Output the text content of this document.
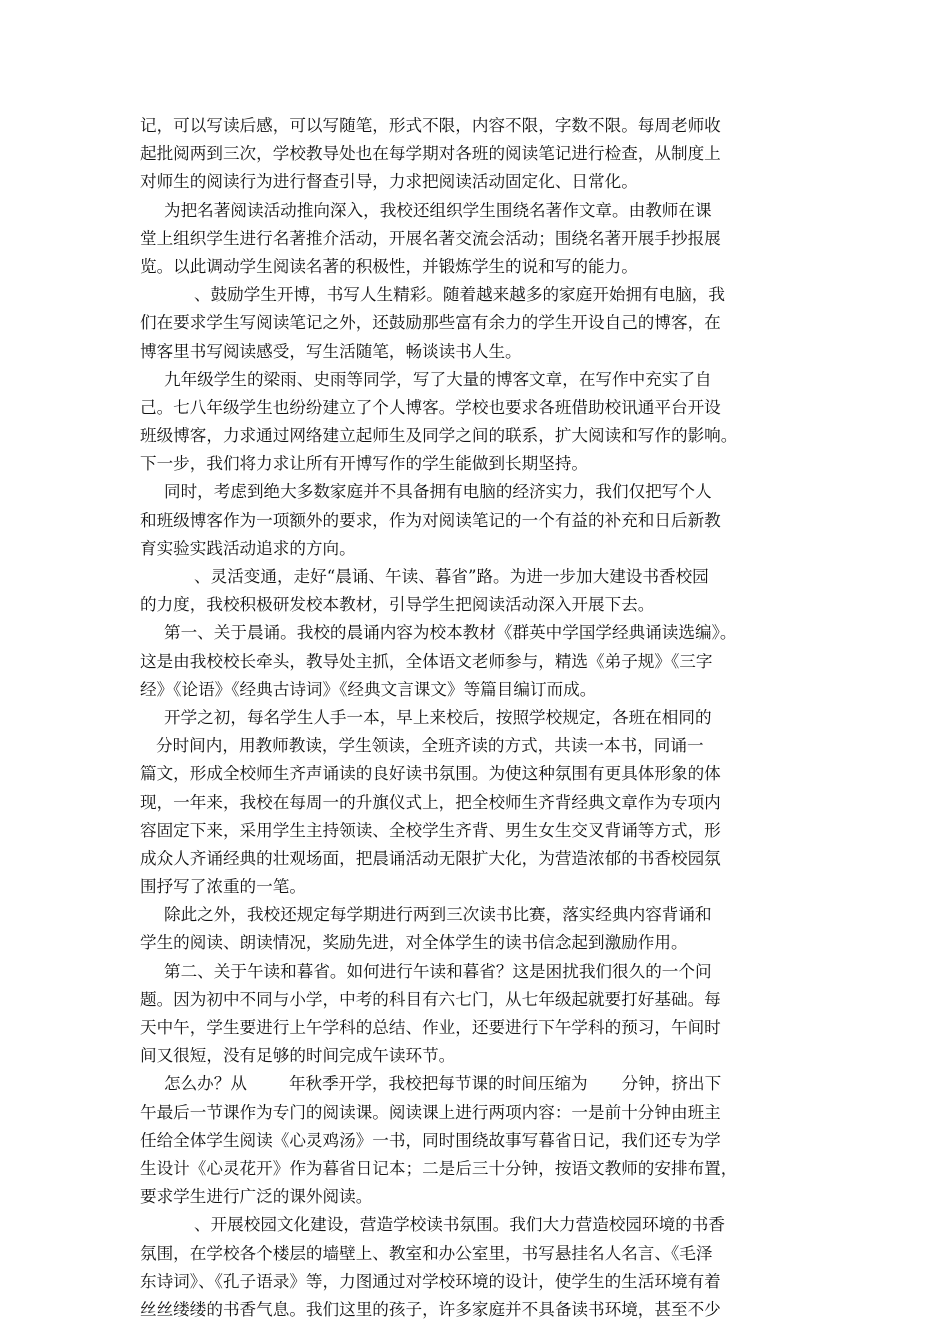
记，可以写读后感，可以写随笔，形式不限，内容不限，字数不限。每周老师收
起批阅两到三次，学校教导处也在每学期对各班的阅读笔记进行检查，从制度上
对师生的阅读行为进行督查引导，力求把阅读活动固定化、日常化。
为把名著阅读活动推向深入，我校还组织学生围绕名著作文章。由教师在课
堂上组织学生进行名著推介活动，开展名著交流会活动；围绕名著开展手抄报展
览。以此调动学生阅读名著的积极性，并锻炼学生的说和写的能力。
、鼓励学生开博，书写人生精彩。随着越来越多的家庭开始拥有电脑，我
们在要求学生写阅读笔记之外，还鼓励那些富有余力的学生开设自己的博客，在
博客里书写阅读感受，写生活随笔，畅谈读书人生。
九年级学生的梁雨、史雨等同学，写了大量的博客文章，在写作中充实了自
己。七八年级学生也纷纷建立了个人博客。学校也要求各班借助校讯通平台开设
班级博客，力求通过网络建立起师生及同学之间的联系，扩大阅读和写作的影响。
下一步，我们将力求让所有开博写作的学生能做到长期坚持。
同时，考虑到绝大多数家庭并不具备拥有电脑的经济实力，我们仅把写个人
和班级博客作为一项额外的要求，作为对阅读笔记的一个有益的补充和日后新教
育实验实践活动追求的方向。
、灵活变通，走好“晨诵、午读、暮省”路。为进一步加大建设书香校园
的力度，我校积极研发校本教材，引导学生把阅读活动深入开展下去。
第一、关于晨诵。我校的晨诵内容为校本教材《群英中学国学经典诵读选编》。
这是由我校校长牵头，教导处主抓，全体语文老师参与，精选《弟子规》《三字
经》《论语》《经典古诗词》《经典文言课文》等篇目编订而成。
开学之初，每名学生人手一本，早上来校后，按照学校规定，各班在相同的
分时间内，用教师教读，学生领读，全班齐读的方式，共读一本书，同诵一
篇文，形成全校师生齐声诵读的良好读书氛围。为使这种氛围有更具体形象的体
现，一年来，我校在每周一的升旗仪式上，把全校师生齐背经典文章作为专项内
容固定下来，采用学生主持领读、全校学生齐背、男生女生交叉背诵等方式，形
成众人齐诵经典的壮观场面，把晨诵活动无限扩大化，为营造浓郁的书香校园氛
围抒写了浓重的一笔。
除此之外，我校还规定每学期进行两到三次读书比赛，落实经典内容背诵和
学生的阅读、朗读情况，奖励先进，对全体学生的读书信念起到激励作用。
第二、关于午读和暮省。如何进行午读和暮省？这是困扰我们很久的一个问
题。因为初中不同与小学，中考的科目有六七门，从七年级起就要打好基础。每
天中午，学生要进行上午学科的总结、作业，还要进行下午学科的预习，午间时
间又很短，没有足够的时间完成午读环节。
怎么办？从	年秋季开学，我校把每节课的时间压缩为 分钟，挤出下
午最后一节课作为专门的阅读课。阅读课上进行两项内容：一是前十分钟由班主
任给全体学生阅读《心灵鸡汤》一书，同时围绕故事写暮省日记，我们还专为学
生设计《心灵花开》作为暮省日记本；二是后三十分钟，按语文教师的安排布置，
要求学生进行广泛的课外阅读。
、开展校园文化建设，营造学校读书氛围。我们大力营造校园环境的书香
氛围，在学校各个楼层的墙壁上、教室和办公室里，书写悬挂名人名言、《毛泽
东诗词》、《孔子语录》等，力图通过对学校环境的设计，使学生的生活环境有着
丝丝缕缕的书香气息。我们这里的孩子，许多家庭并不具备读书环境，甚至不少
